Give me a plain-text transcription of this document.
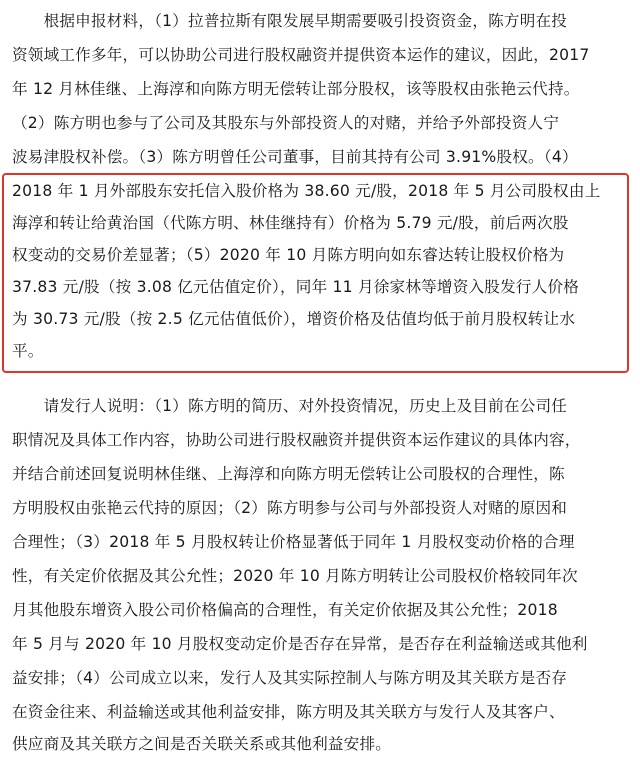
　　根据申报材料，（1）拉普拉斯有限发展早期需要吸引投资资金，陈方明在投
资领域工作多年，可以协助公司进行股权融资并提供资本运作的建议，因此，2017
年 12 月林佳继、上海淳和向陈方明无偿转让部分股权，该等股权由张艳云代持。
（2）陈方明也参与了公司及其股东与外部投资人的对赌，并给予外部投资人宁
波易津股权补偿。（3）陈方明曾任公司董事，目前其持有公司 3.91%股权。（4）
2018 年 1 月外部股东安托信入股价格为 38.60 元/股，2018 年 5 月公司股权由上
海淳和转让给黄治国（代陈方明、林佳继持有）价格为 5.79 元/股，前后两次股
权变动的交易价差显著；（5）2020 年 10 月陈方明向如东睿达转让股权价格为
37.83 元/股（按 3.08 亿元估值定价），同年 11 月徐家林等增资入股发行人价格
为 30.73 元/股（按 2.5 亿元估值低价），增资价格及估值均低于前月股权转让水
平。
　　请发行人说明：（1）陈方明的简历、对外投资情况，历史上及目前在公司任
职情况及具体工作内容，协助公司进行股权融资并提供资本运作建议的具体内容，
并结合前述回复说明林佳继、上海淳和向陈方明无偿转让公司股权的合理性，陈
方明股权由张艳云代持的原因；（2）陈方明参与公司与外部投资人对赌的原因和
合理性；（3）2018 年 5 月股权转让价格显著低于同年 1 月股权变动价格的合理
性，有关定价依据及其公允性；2020 年 10 月陈方明转让公司股权价格较同年次
月其他股东增资入股公司价格偏高的合理性，有关定价依据及其公允性；2018
年 5 月与 2020 年 10 月股权变动定价是否存在异常，是否存在利益输送或其他利
益安排；（4）公司成立以来，发行人及其实际控制人与陈方明及其关联方是否存
在资金往来、利益输送或其他利益安排，陈方明及其关联方与发行人及其客户、
供应商及其关联方之间是否关联关系或其他利益安排。
